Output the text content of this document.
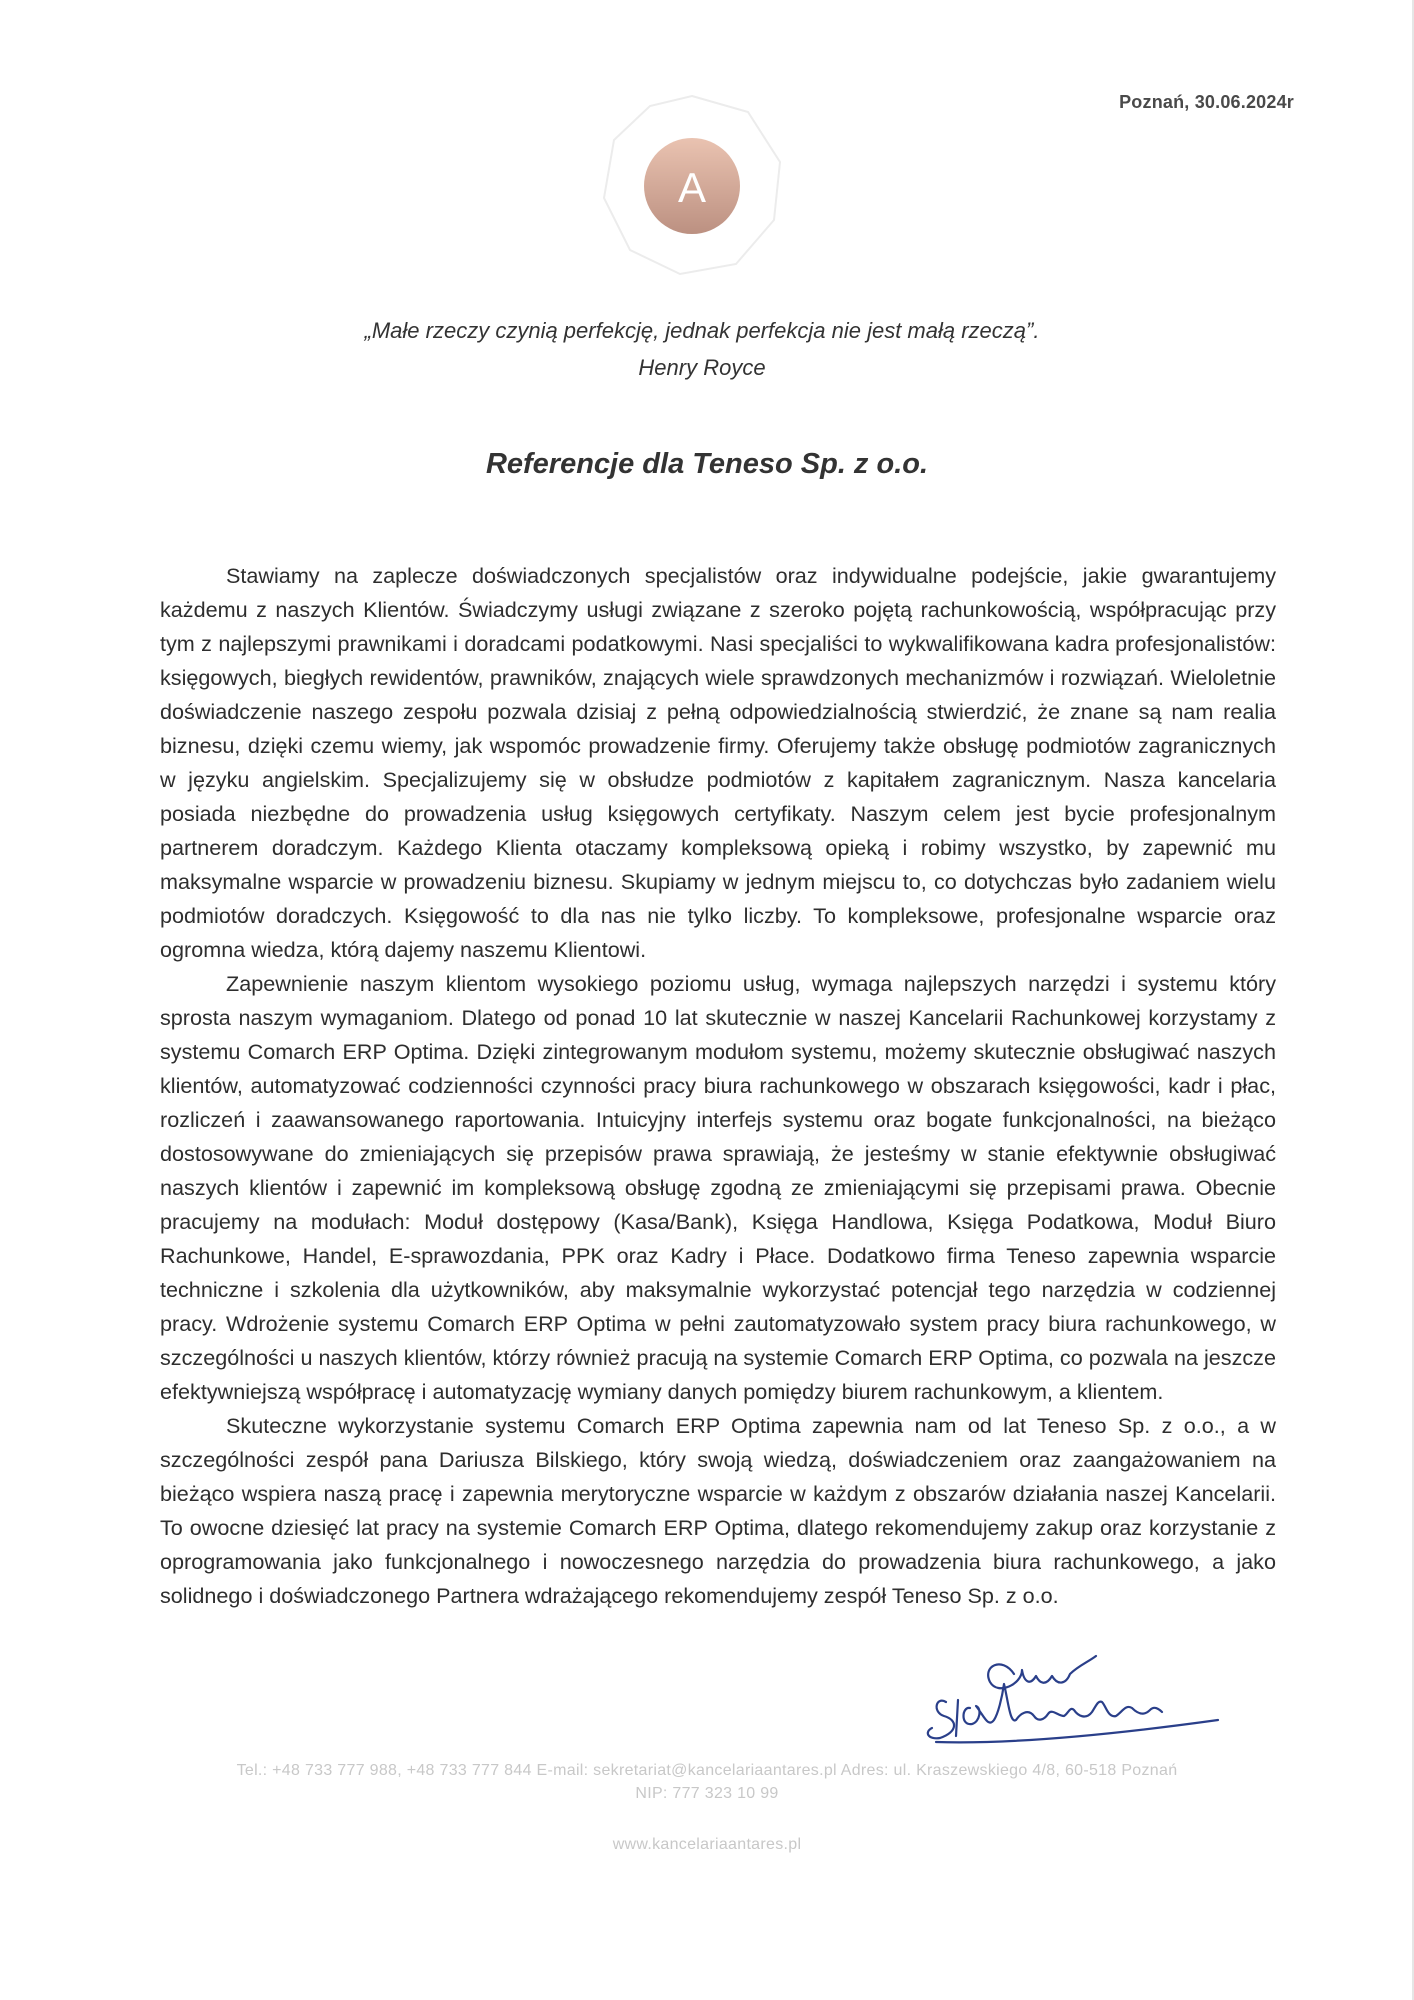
Poznań, 30.06.2024r
A
„Małe rzeczy czynią perfekcję, jednak perfekcja nie jest małą rzeczą”.
Henry Royce
Referencje dla Teneso Sp. z o.o.

Stawiamy na zaplecze doświadczonych specjalistów oraz indywidualne podejście, jakie gwarantujemy każdemu z naszych Klientów. Świadczymy usługi związane z szeroko pojętą rachunkowością, współpracując przy tym z najlepszymi prawnikami i doradcami podatkowymi. Nasi specjaliści to wykwalifikowana kadra profesjonalistów: księgowych, biegłych rewidentów, prawników, znających wiele sprawdzonych mechanizmów i rozwiązań. Wieloletnie doświadczenie naszego zespołu pozwala dzisiaj z pełną odpowiedzialnością stwierdzić, że znane są nam realia biznesu, dzięki czemu wiemy, jak wspomóc prowadzenie firmy. Oferujemy także obsługę podmiotów zagranicznych w języku angielskim. Specjalizujemy się w obsłudze podmiotów z kapitałem zagranicznym. Nasza kancelaria posiada niezbędne do prowadzenia usług księgowych certyfikaty. Naszym celem jest bycie profesjonalnym partnerem doradczym. Każdego Klienta otaczamy kompleksową opieką i robimy wszystko, by zapewnić mu maksymalne wsparcie w prowadzeniu biznesu. Skupiamy w jednym miejscu to, co dotychczas było zadaniem wielu podmiotów doradczych. Księgowość to dla nas nie tylko liczby. To kompleksowe, profesjonalne wsparcie oraz ogromna wiedza, którą dajemy naszemu Klientowi.

Zapewnienie naszym klientom wysokiego poziomu usług, wymaga najlepszych narzędzi i systemu który sprosta naszym wymaganiom. Dlatego od ponad 10 lat skutecznie w naszej Kancelarii Rachunkowej korzystamy z systemu Comarch ERP Optima. Dzięki zintegrowanym modułom systemu, możemy skutecznie obsługiwać naszych klientów, automatyzować codzienności czynności pracy biura rachunkowego w obszarach księgowości, kadr i płac, rozliczeń i zaawansowanego raportowania. Intuicyjny interfejs systemu oraz bogate funkcjonalności, na bieżąco dostosowywane do zmieniających się przepisów prawa sprawiają, że jesteśmy w stanie efektywnie obsługiwać naszych klientów i zapewnić im kompleksową obsługę zgodną ze zmieniającymi się przepisami prawa. Obecnie pracujemy na modułach: Moduł dostępowy (Kasa/Bank), Księga Handlowa, Księga Podatkowa, Moduł Biuro Rachunkowe, Handel, E-sprawozdania, PPK oraz Kadry i Płace. Dodatkowo firma Teneso zapewnia wsparcie techniczne i szkolenia dla użytkowników, aby maksymalnie wykorzystać potencjał tego narzędzia w codziennej pracy. Wdrożenie systemu Comarch ERP Optima w pełni zautomatyzowało system pracy biura rachunkowego, w szczególności u naszych klientów, którzy również pracują na systemie Comarch ERP Optima, co pozwala na jeszcze efektywniejszą współpracę i automatyzację wymiany danych pomiędzy biurem rachunkowym, a klientem.

Skuteczne wykorzystanie systemu Comarch ERP Optima zapewnia nam od lat Teneso Sp. z o.o., a w szczególności zespół pana Dariusza Bilskiego, który swoją wiedzą, doświadczeniem oraz zaangażowaniem na bieżąco wspiera naszą pracę i zapewnia merytoryczne wsparcie w każdym z obszarów działania naszej Kancelarii. To owocne dziesięć lat pracy na systemie Comarch ERP Optima, dlatego rekomendujemy zakup oraz korzystanie z oprogramowania jako funkcjonalnego i nowoczesnego narzędzia do prowadzenia biura rachunkowego, a jako solidnego i doświadczonego Partnera wdrażającego rekomendujemy zespół Teneso Sp. z o.o.

Tel.: +48 733 777 988, +48 733 777 844 E-mail: sekretariat@kancelariaantares.pl Adres: ul. Kraszewskiego 4/8, 60-518 Poznań
NIP: 777 323 10 99
www.kancelariaantares.pl
